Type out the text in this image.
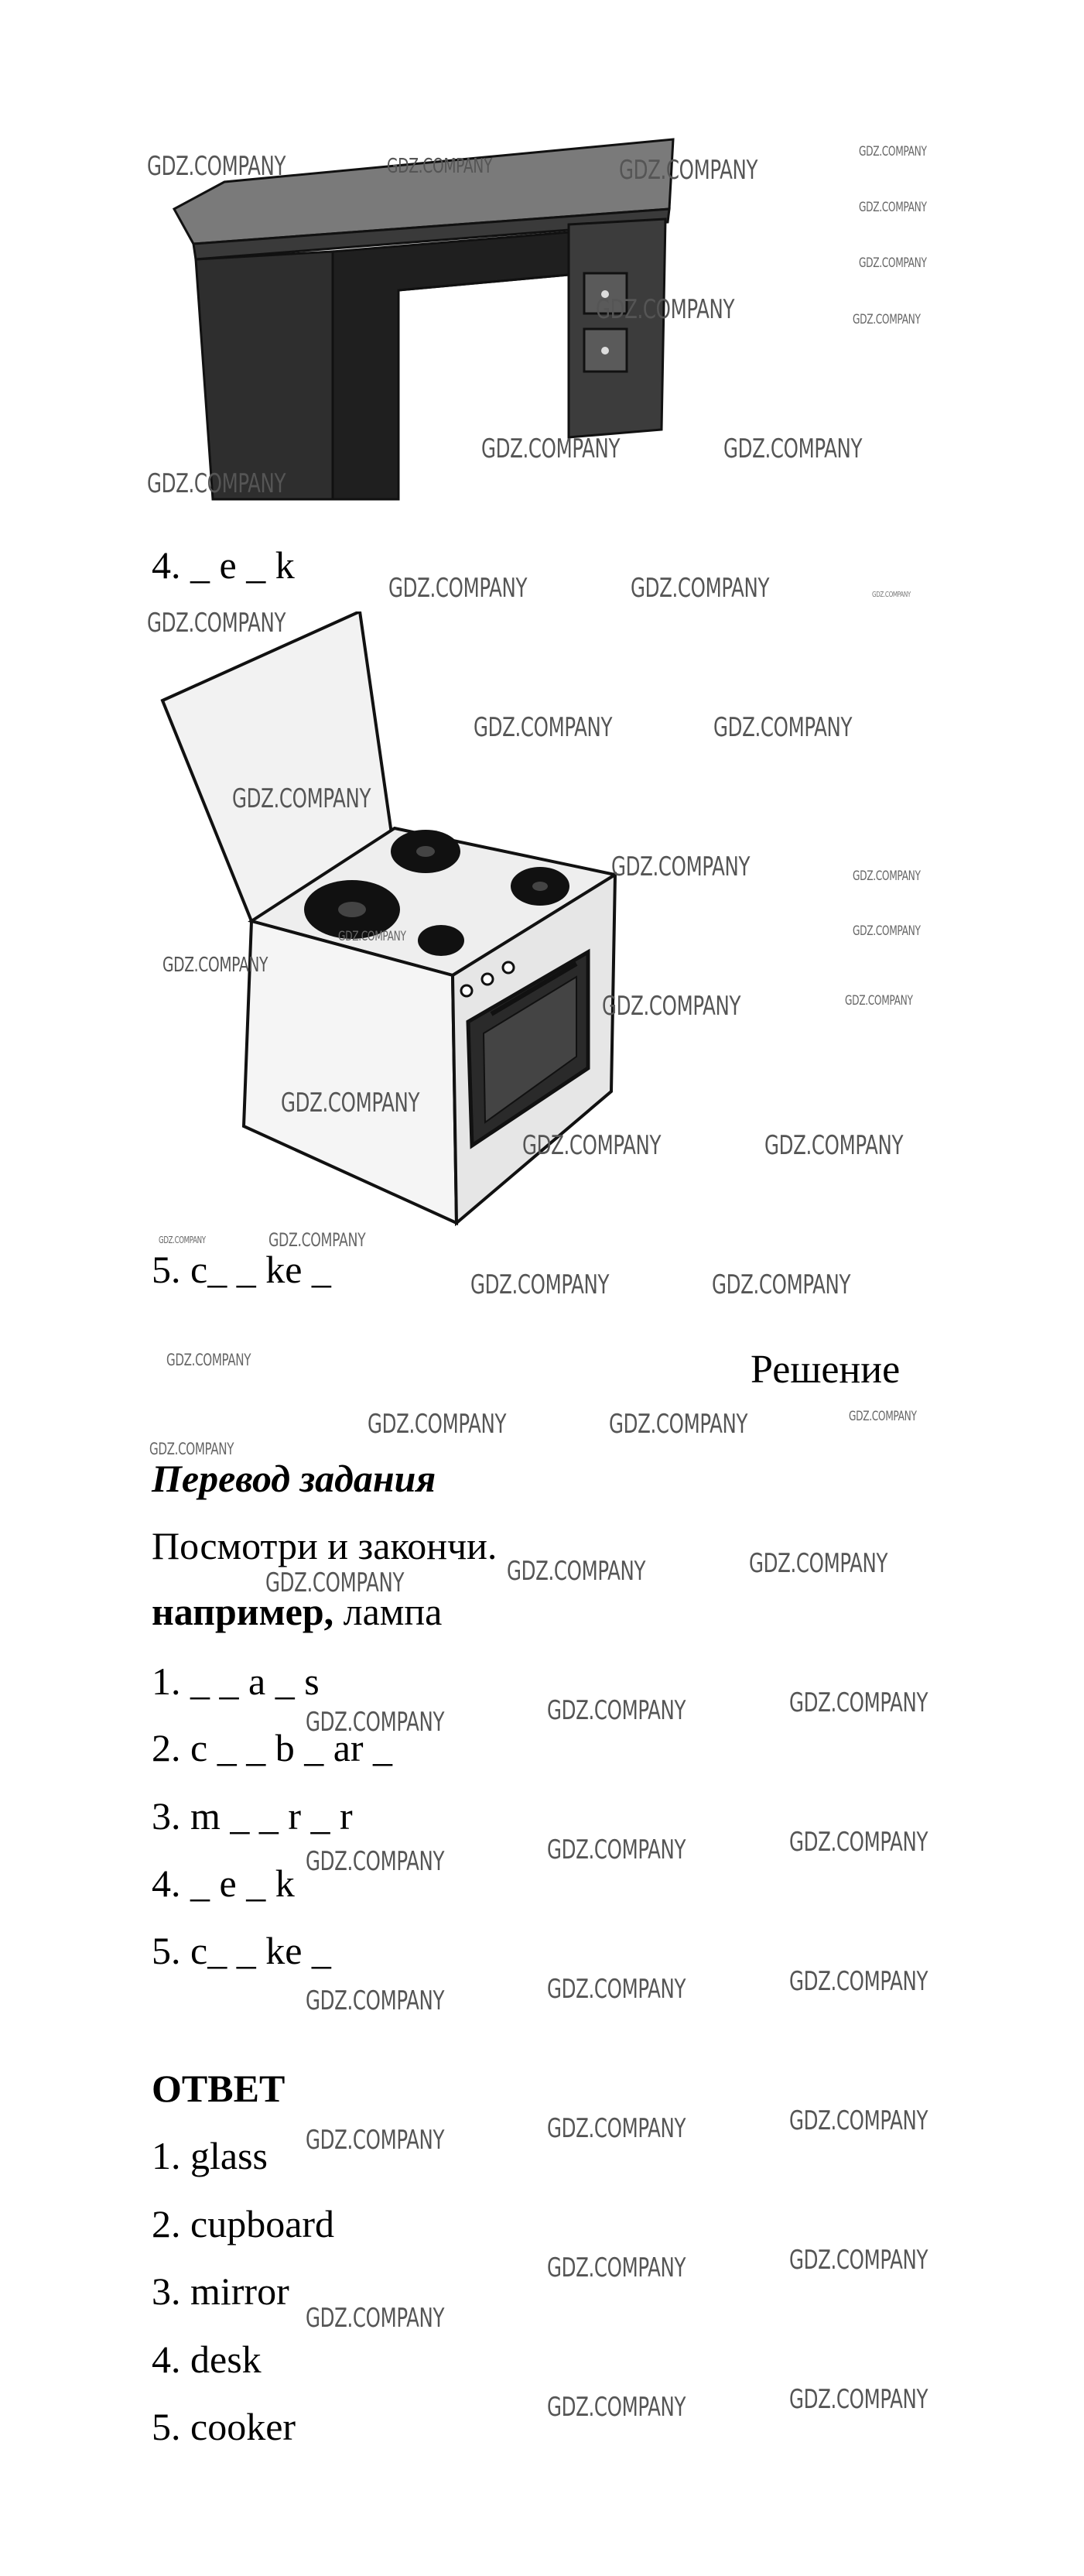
4. _ e _ k
5. c_ _ ke _
Решение
Перевод задания
Посмотри и закончи.
например, лампа
1. _ _ a _ s
2. c _ _ b _ ar _
3. m _ _ r _ r
4. _ e _ k
5. c_ _ ke _
ОТВЕТ
1. glass
2. cupboard
3. mirror
4. desk
5. cooker
GDZ.COMPANY	GDZ.COMPANY	GDZ.COMPANY
GDZ.COMPANY
GDZ.COMPANY
GDZ.COMPANY
GDZ.COMPANY
GDZ.COMPANY
GDZ.COMPANY	GDZ.COMPANY
GDZ.COMPANY
GDZ.COMPANY	GDZ.COMPANY	GDZ.COMPANY
GDZ.COMPANY
GDZ.COMPANY	GDZ.COMPANY
GDZ.COMPANY
GDZ.COMPANY	GDZ.COMPANY
GDZ.COMPANY	GDZ.COMPANY
GDZ.COMPANY
GDZ.COMPANY	GDZ.COMPANY
GDZ.COMPANY
GDZ.COMPANY	GDZ.COMPANY
GDZ.COMPANY	GDZ.COMPANY
GDZ.COMPANY	GDZ.COMPANY
GDZ.COMPANY
GDZ.COMPANY
GDZ.COMPANY	GDZ.COMPANY
GDZ.COMPANY
GDZ.COMPANY
GDZ.COMPANY
GDZ.COMPANY
GDZ.COMPANY
GDZ.COMPANY
GDZ.COMPANY
GDZ.COMPANY
GDZ.COMPANY
GDZ.COMPANY
GDZ.COMPANY
GDZ.COMPANY
GDZ.COMPANY
GDZ.COMPANY
GDZ.COMPANY
GDZ.COMPANY
GDZ.COMPANY
GDZ.COMPANY
GDZ.COMPANY
GDZ.COMPANY
GDZ.COMPANY
